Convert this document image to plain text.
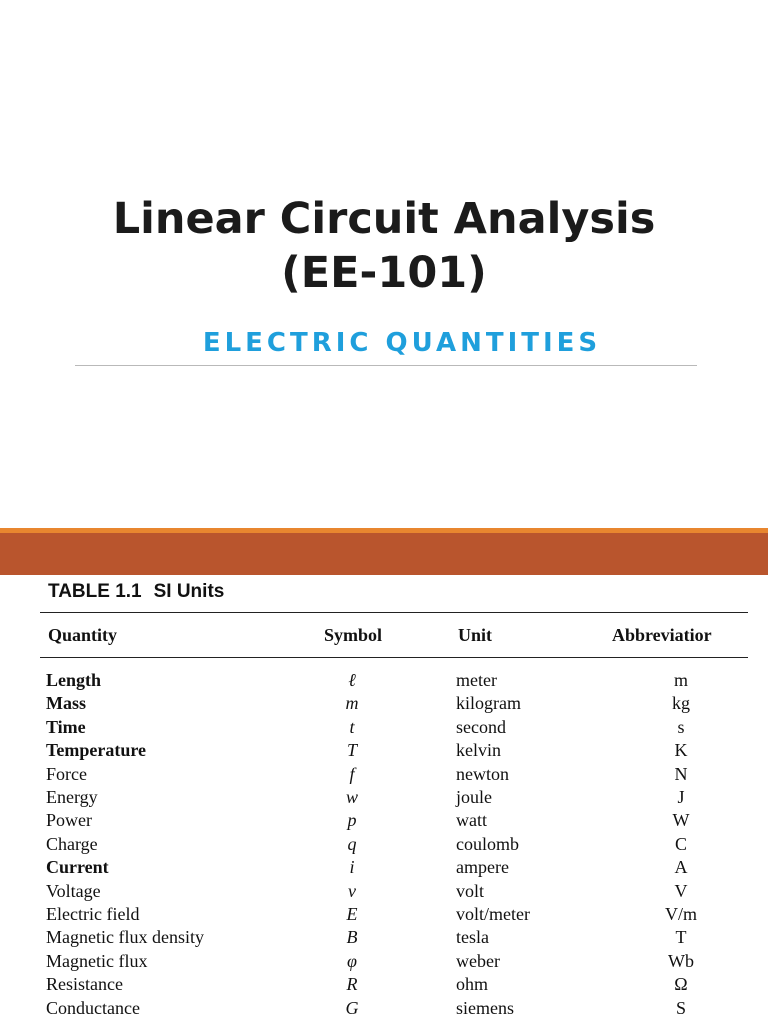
Linear Circuit Analysis
(EE-101)
ELECTRIC QUANTITIES
TABLE 1.1 SI Units
Quantity	Symbol	Unit	Abbreviatior
Length	ℓ	meter	m
Mass	m	kilogram	kg
Time	t	second	s
Temperature	T	kelvin	K
Force	f	newton	N
Energy	w	joule	J
Power	p	watt	W
Charge	q	coulomb	C
Current	i	ampere	A
Voltage	v	volt	V
Electric field	E	volt/meter	V/m
Magnetic flux density	B	tesla	T
Magnetic flux	φ	weber	Wb
Resistance	R	ohm	Ω
Conductance	G	siemens	S
